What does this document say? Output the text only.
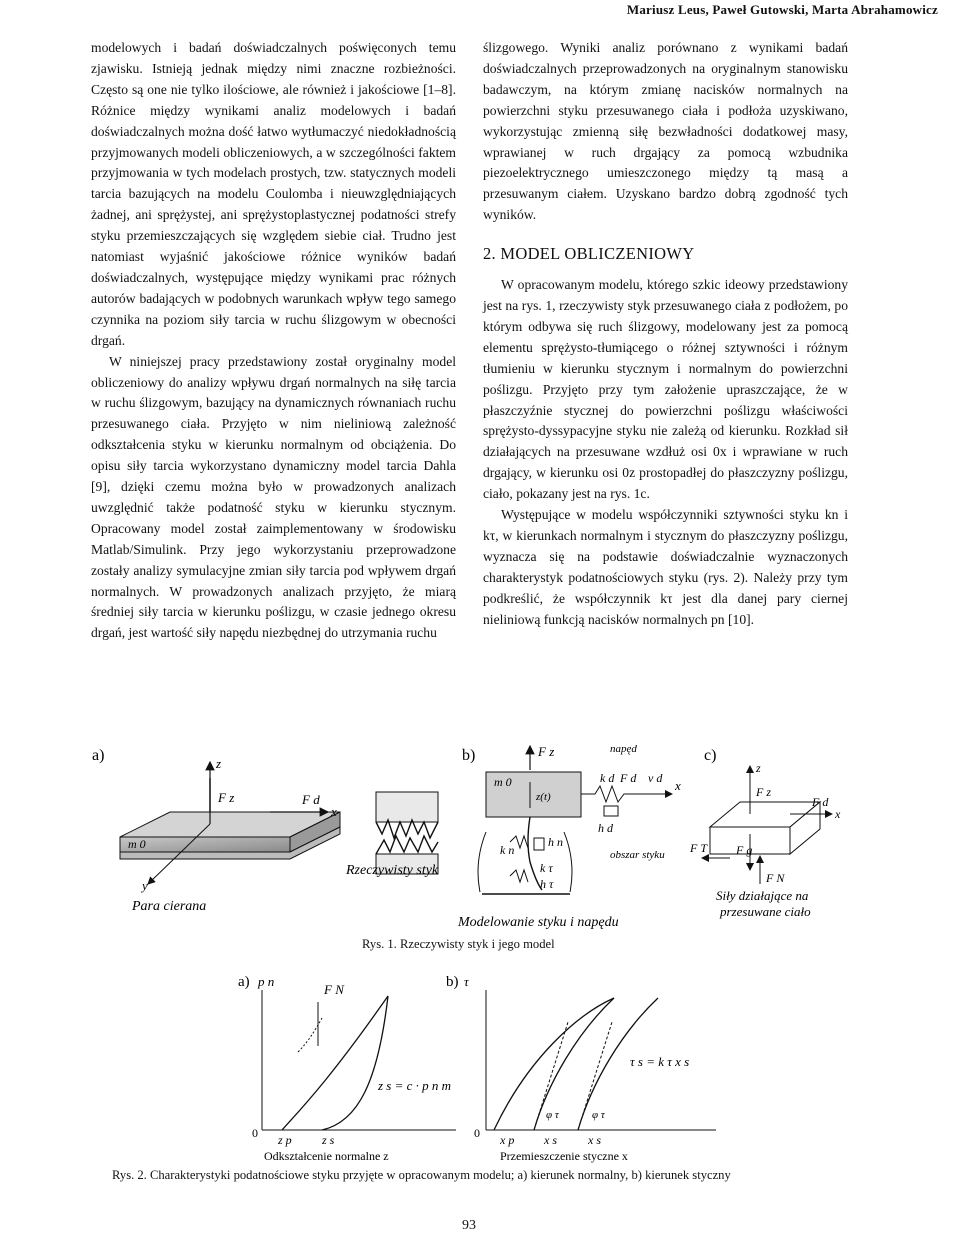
Mariusz Leus, Paweł Gutowski, Marta Abrahamowicz

modelowych i badań doświadczalnych poświęconych temu zjawisku. Istnieją jednak między nimi znaczne rozbieżności. Często są one nie tylko ilościowe, ale również i jakościowe [1–8]. Różnice między wynikami analiz modelowych i badań doświadczalnych można dość łatwo wytłumaczyć niedokładnością przyjmowanych modeli obliczeniowych, a w szczególności faktem przyjmowania w tych modelach prostych, tzw. statycznych modeli tarcia bazujących na modelu Coulomba i nieuwzględniających żadnej, ani sprężystej, ani sprężystoplastycznej podatności strefy styku przemieszczających się względem siebie ciał. Trudno jest natomiast wyjaśnić jakościowe różnice wyników badań doświadczalnych, występujące między wynikami prac różnych autorów badających w podobnych warunkach wpływ tego samego czynnika na poziom siły tarcia w ruchu ślizgowym w obecności drgań.

W niniejszej pracy przedstawiony został oryginalny model obliczeniowy do analizy wpływu drgań normalnych na siłę tarcia w ruchu ślizgowym, bazujący na dynamicznych równaniach ruchu przesuwanego ciała. Przyjęto w nim nieliniową zależność odkształcenia styku w kierunku normalnym od obciążenia. Do opisu siły tarcia wykorzystano dynamiczny model tarcia Dahla [9], dzięki czemu można było w prowadzonych analizach uwzględnić także podatność styku w kierunku stycznym. Opracowany model został zaimplementowany w środowisku Matlab/Simulink. Przy jego wykorzystaniu przeprowadzone zostały analizy symulacyjne zmian siły tarcia pod wpływem drgań normalnych. W prowadzonych analizach przyjęto, że miarą średniej siły tarcia w kierunku poślizgu, w czasie jednego okresu drgań, jest wartość siły napędu niezbędnej do utrzymania ruchu

ślizgowego. Wyniki analiz porównano z wynikami badań doświadczalnych przeprowadzonych na oryginalnym stanowisku badawczym, na którym zmianę nacisków normalnych na powierzchni styku przesuwanego ciała i podłoża uzyskiwano, wykorzystując zmienną siłę bezwładności dodatkowej masy, wprawianej w ruch drgający za pomocą wzbudnika piezoelektrycznego umieszczonego między tą masą a przesuwanym ciałem. Uzyskano bardzo dobrą zgodność tych wyników.

2. MODEL OBLICZENIOWY

W opracowanym modelu, którego szkic ideowy przedstawiony jest na rys. 1, rzeczywisty styk przesuwanego ciała z podłożem, po którym odbywa się ruch ślizgowy, modelowany jest za pomocą elementu sprężysto-tłumiącego o różnej sztywności i różnym tłumieniu w kierunku stycznym i normalnym do powierzchni poślizgu. Przyjęto przy tym założenie upraszczające, że w płaszczyźnie stycznej do powierzchni poślizgu właściwości sprężysto-dyssypacyjne styku nie zależą od kierunku. Rozkład sił działających na przesuwane wzdłuż osi 0x i wprawiane w ruch drgający, w kierunku osi 0z prostopadłej do płaszczyzny poślizgu, ciało, pokazany jest na rys. 1c.

Występujące w modelu współczynniki sztywności styku kn i kτ, w kierunkach normalnym i stycznym do płaszczyzny poślizgu, wyznacza się na podstawie doświadczalnie wyznaczonych charakterystyk podatnościowych styku (rys. 2). Należy przy tym podkreślić, że współczynnik kτ jest dla danej pary ciernej nieliniową funkcją nacisków normalnych pn [10].

a)	z
F z	F d
x
y
m 0
Para cierana
Rzeczywisty styk
b)
m 0
F z
z(t)
napęd
k d F d v d x
h d
k n
h n
k τ
h τ
obszar styku
Modelowanie styku i napędu
c)
z
F z
F d
x
F T F g
F N
Siły działające na
przesuwane ciało
Rys. 1. Rzeczywisty styk i jego model
a) p n
0
F N
z s = c · p n m
z p	z s
Odkształcenie normalne z
b) τ
0
τ s = k τ x s
φ τ	φ τ
x p x s	x s
Przemieszczenie styczne x
Rys. 2. Charakterystyki podatnościowe styku przyjęte w opracowanym modelu; a) kierunek normalny, b) kierunek styczny
93
